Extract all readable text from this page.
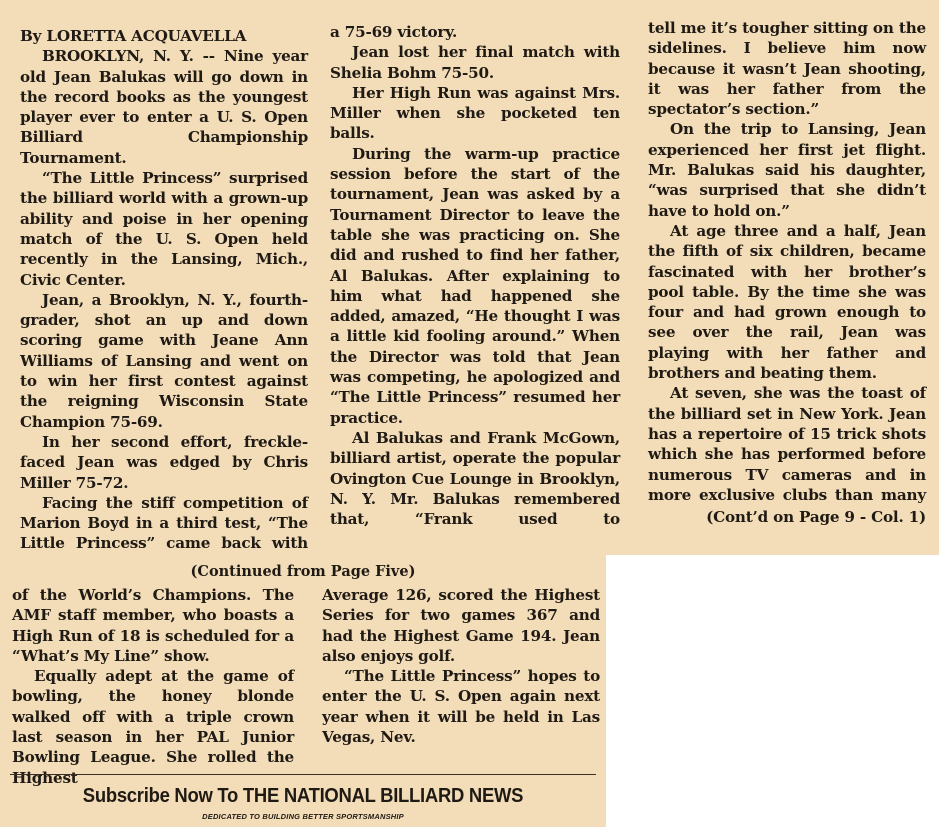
By LORETTA ACQUAVELLA

BROOKLYN, N. Y. -- Nine year old Jean Balukas will go down in the record books as the youngest player ever to enter a U. S. Open Billiard Championship Tournament.

“The Little Princess” surprised the billiard world with a grown-up ability and poise in her opening match of the U. S. Open held recently in the Lansing, Mich., Civic Center.

Jean, a Brooklyn, N. Y., fourth-grader, shot an up and down scoring game with Jeane Ann Williams of Lansing and went on to win her first contest against the reigning Wisconsin State Champion 75-69.

In her second effort, freckle-faced Jean was edged by Chris Miller 75-72.

Facing the stiff competition of Marion Boyd in a third test, “The Little Princess” came back with

a 75-69 victory.

Jean lost her final match with Shelia Bohm 75-50.

Her High Run was against Mrs. Miller when she pocketed ten balls.

During the warm-up practice session before the start of the tournament, Jean was asked by a Tournament Director to leave the table she was practicing on. She did and rushed to find her father, Al Balukas. After explaining to him what had happened she added, amazed, “He thought I was a little kid fooling around.” When the Director was told that Jean was competing, he apologized and “The Little Princess” resumed her practice.

Al Balukas and Frank McGown, billiard artist, operate the popular Ovington Cue Lounge in Brooklyn, N. Y. Mr. Balukas remembered that, “Frank used to

tell me it’s tougher sitting on the sidelines. I believe him now because it wasn’t Jean shooting, it was her father from the spectator’s section.”

On the trip to Lansing, Jean experienced her first jet flight. Mr. Balukas said his daughter, “was surprised that she didn’t have to hold on.”

At age three and a half, Jean the fifth of six children, became fascinated with her brother’s pool table. By the time she was four and had grown enough to see over the rail, Jean was playing with her father and brothers and beating them.

At seven, she was the toast of the billiard set in New York. Jean has a repertoire of 15 trick shots which she has performed before numerous TV cameras and in more exclusive clubs than many

(Cont’d on Page 9 - Col. 1)

(Continued from Page Five)

of the World’s Champions. The AMF staff member, who boasts a High Run of 18 is scheduled for a “What’s My Line” show.

Equally adept at the game of bowling, the honey blonde walked off with a triple crown last season in her PAL Junior Bowling League. She rolled the Highest

Average 126, scored the Highest Series for two games 367 and had the Highest Game 194. Jean also enjoys golf.

“The Little Princess” hopes to enter the U. S. Open again next year when it will be held in Las Vegas, Nev.

Subscribe Now To THE NATIONAL BILLIARD NEWS
DEDICATED TO BUILDING BETTER SPORTSMANSHIP
